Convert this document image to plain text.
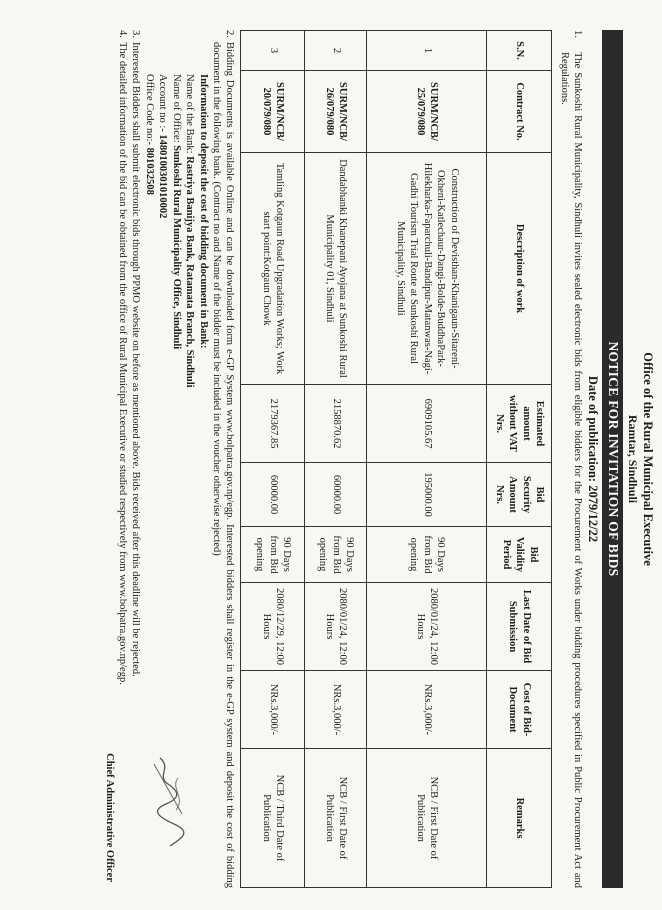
Office of the Rural Municipal Executive
Ramtar, Sindhuli
NOTICE FOR INVITATION OF BIDS
Date of publication: 2079/12/22
1.
The Sunkoshi Rural Municipality, Sindhuli invites sealed electronic bids from eligible bidders for the Procurement of Works under bidding procedures specified in Public Procurement Act and Regulations.
S.N.	Contract No.	Description of work	Estimated amount without VAT Nrs.	Bid Security Amount Nrs.	Bid Validity Period	Last Date of Bid Submission	Cost of Bid-Document	Remarks
1	SURM/NCB/ 25/079/080	Construction of Devisthan-Khanigaun-Sitareni-Okheni-Katlechaur-Dangi-Bolde-BuddhaPark-Hilekharka-Faparchuli-Bandipur-Matanwas-Nagi-Gadhi Tourism Trial Route at Sunkoshi Rural Municipality, Sindhuli	6909105.67	195000.00	90 Days from Bid opening	2080/01/24, 12:00 Hours	NRs.3,000/-	NCB / First Date of Publication
2	SURM/NCB/ 26/079/080	Dandabhanki Khanepani Ayojana at Sunkoshi Rural Municipality 01, Sindhuli	2158870.62	60000.00	90 Days from Bid opening	2080/01/24, 12:00 Hours	NRs.3,000/-	NCB / First Date of Publication
3	SURM/NCB/ 20/079/080	Tamling Kotgaun Road Upgradation Works; Work start point:Kotgaun Chowk	2179367.85	60000.00	90 Days from Bid opening	2080/12/29, 12:00 Hours	NRs.3,000/-	NCB / Third Date of Publication
2.
Bidding Documents is available Online and can be downloaded form e-GP System www.bolpatra.gov.np/egp. Interested bidders shall register in the e-GP system and deposit the cost of bidding document in the following bank. (Contract no and Name of the bidder must be included in the voucher otherwise rejected)
Information to deposit the cost of bidding document in Bank:
Name of the Bank: Rastriya Banijya Bank, Ratamata Branch, Sindhuli
Name of Office: Sunkoshi Rural Municipality Office, Sindhuli
Account no :- 1480100301010002
Office Code no:- 801032508
3.
Interested Bidders shall submit electronic bids through PPMO website on before as mentioned above. Bids received after this deadline will be rejected.
4.
The detailed information of the bid can be obtained from the office of Rural Municipal Executive or studied respectively from www.bolpatra.gov.np/egp.
Chief Administrative Officer
